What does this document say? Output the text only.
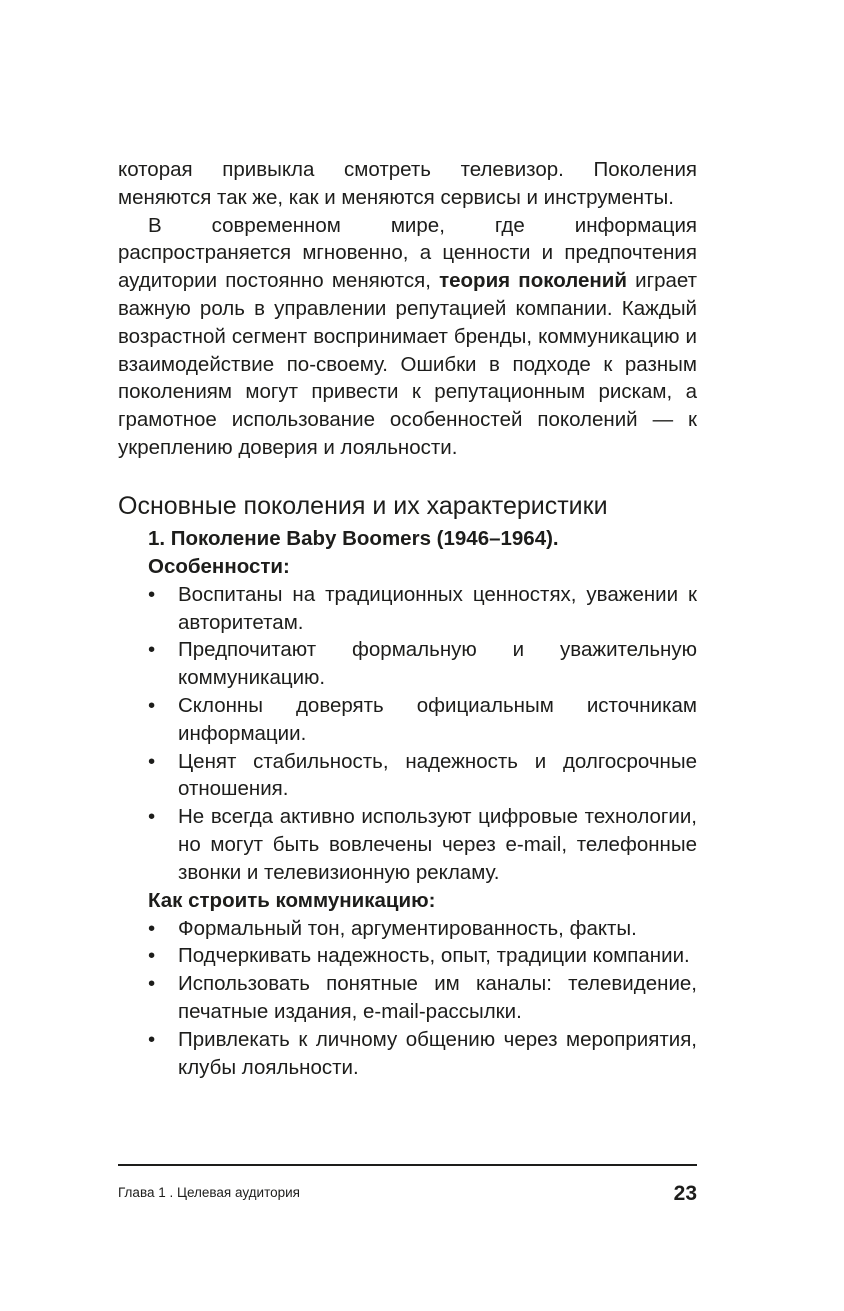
которая привыкла смотреть телевизор. Поколения меняются так же, как и меняются сервисы и инструменты.

В современном мире, где информация распространяется мгновенно, а ценности и предпочтения аудитории постоянно меняются, теория поколений играет важную роль в управлении репутацией компании. Каждый возрастной сегмент воспринимает бренды, коммуникацию и взаимодействие по-своему. Ошибки в подходе к разным поколениям могут привести к репутационным рискам, а грамотное использование особенностей поколений — к укреплению доверия и лояльности.

Основные поколения и их характеристики

1. Поколение Baby Boomers (1946–1964).

Особенности:

• Воспитаны на традиционных ценностях, уважении к авторитетам.
• Предпочитают формальную и уважительную коммуникацию.
• Склонны доверять официальным источникам информации.
• Ценят стабильность, надежность и долгосрочные отношения.
• Не всегда активно используют цифровые технологии, но могут быть вовлечены через e-mail, телефонные звонки и телевизионную рекламу.

Как строить коммуникацию:

• Формальный тон, аргументированность, факты.
• Подчеркивать надежность, опыт, традиции компании.
• Использовать понятные им каналы: телевидение, печатные издания, e-mail-рассылки.
• Привлекать к личному общению через мероприятия, клубы лояльности.
Глава 1 . Целевая аудитория	23
